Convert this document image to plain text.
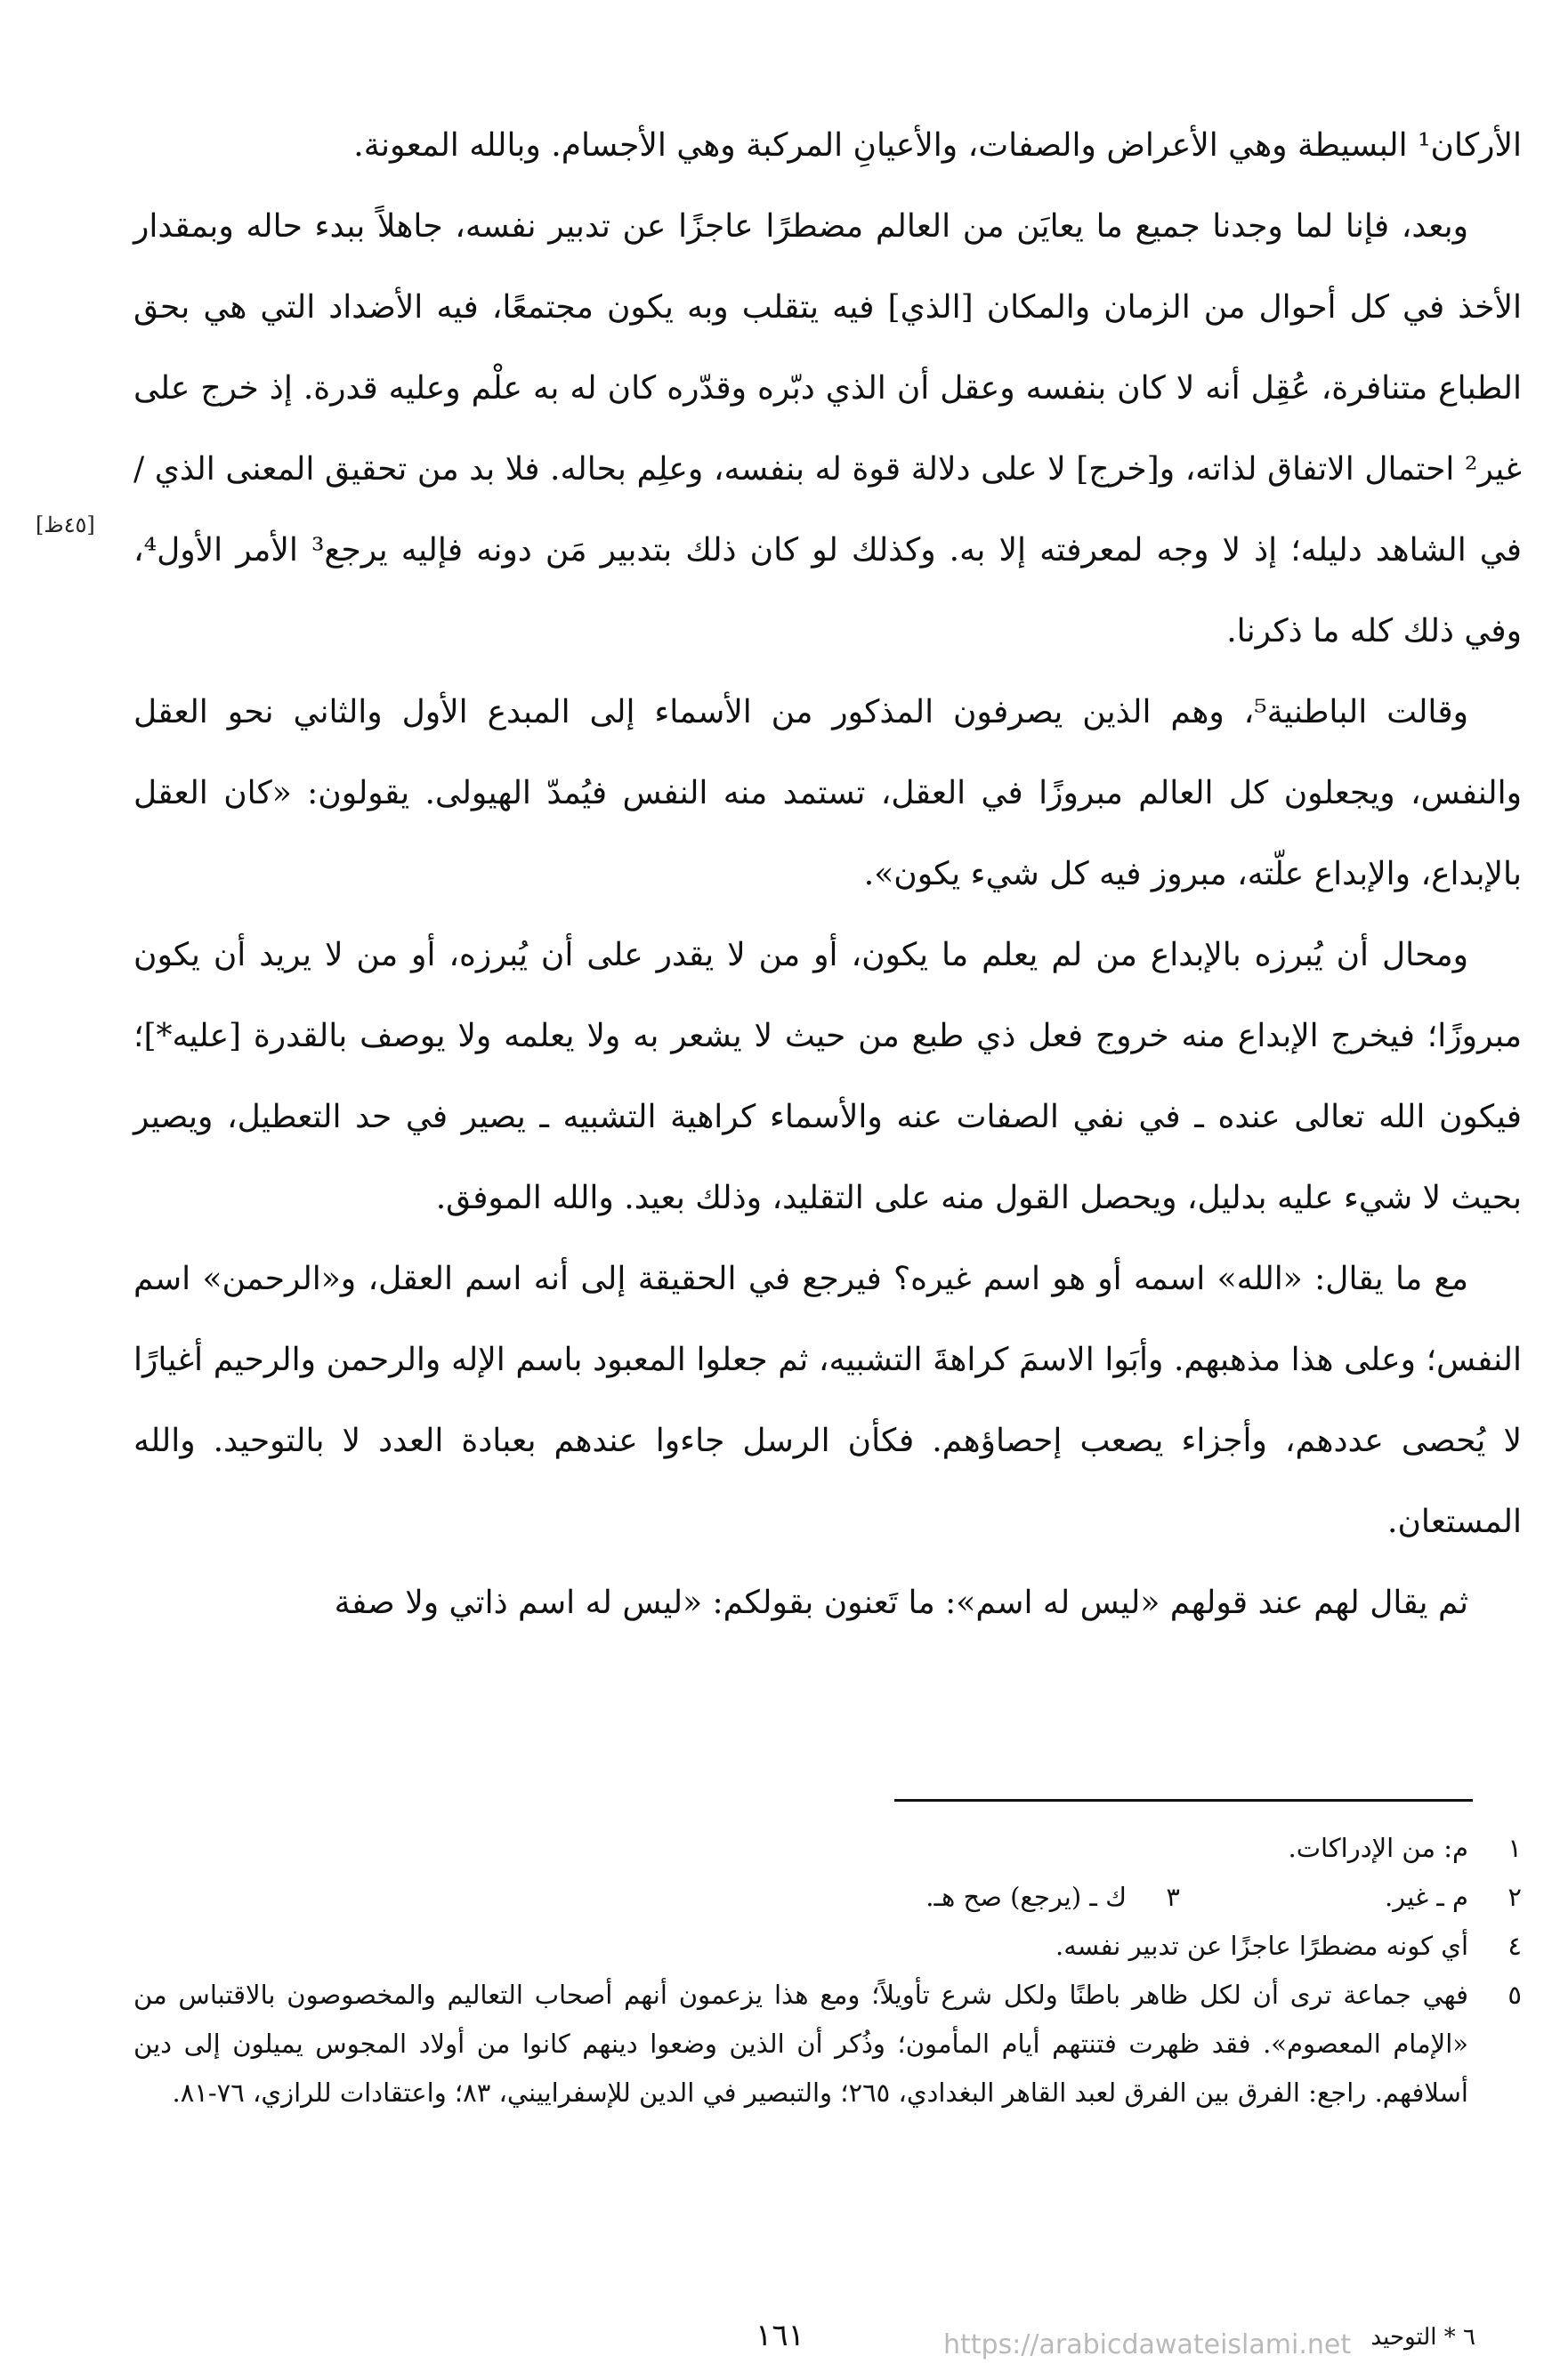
الأركان¹ البسيطة وهي الأعراض والصفات، والأعيانِ المركبة وهي الأجسام. وبالله المعونة.

وبعد، فإنا لما وجدنا جميع ما يعايَن من العالم مضطرًا عاجزًا عن تدبير نفسه، جاهلاً ببدء حاله وبمقدار الأخذ في كل أحوال من الزمان والمكان [الذي] فيه يتقلب وبه يكون مجتمعًا، فيه الأضداد التي هي بحق الطباع متنافرة، عُقِل أنه لا كان بنفسه وعقل أن الذي دبّره وقدّره كان له به علْم وعليه قدرة. إذ خرج على غير² احتمال الاتفاق لذاته، و[خرج] لا على دلالة قوة له بنفسه، وعلِم بحاله. فلا بد من تحقيق المعنى الذي / في الشاهد دليله؛ إذ لا وجه لمعرفته إلا به. وكذلك لو كان ذلك بتدبير مَن دونه فإليه يرجع³ الأمر الأول⁴، وفي ذلك كله ما ذكرنا.

وقالت الباطنية⁵، وهم الذين يصرفون المذكور من الأسماء إلى المبدع الأول والثاني نحو العقل والنفس، ويجعلون كل العالم مبروزًا في العقل، تستمد منه النفس فيُمدّ الهيولى. يقولون: «كان العقل بالإبداع، والإبداع علّته، مبروز فيه كل شيء يكون».

ومحال أن يُبرزه بالإبداع من لم يعلم ما يكون، أو من لا يقدر على أن يُبرزه، أو من لا يريد أن يكون مبروزًا؛ فيخرج الإبداع منه خروج فعل ذي طبع من حيث لا يشعر به ولا يعلمه ولا يوصف بالقدرة [عليه*]؛ فيكون الله تعالى عنده ـ في نفي الصفات عنه والأسماء كراهية التشبيه ـ يصير في حد التعطيل، ويصير بحيث لا شيء عليه بدليل، ويحصل القول منه على التقليد، وذلك بعيد. والله الموفق.

مع ما يقال: «الله» اسمه أو هو اسم غيره؟ فيرجع في الحقيقة إلى أنه اسم العقل، و«الرحمن» اسم النفس؛ وعلى هذا مذهبهم. وأبَوا الاسمَ كراهةَ التشبيه، ثم جعلوا المعبود باسم الإله والرحمن والرحيم أغيارًا لا يُحصى عددهم، وأجزاء يصعب إحصاؤهم. فكأن الرسل جاءوا عندهم بعبادة العدد لا بالتوحيد. والله المستعان.

ثم يقال لهم عند قولهم «ليس له اسم»: ما تَعنون بقولكم: «ليس له اسم ذاتي ولا صفة

[٤٥ظ]
١
م: من الإدراكات.
٢
م ـ غير.
٣
ك ـ (يرجع) صح هـ.
٤
أي كونه مضطرًا عاجزًا عن تدبير نفسه.
٥
فهي جماعة ترى أن لكل ظاهر باطنًا ولكل شرع تأويلاً؛ ومع هذا يزعمون أنهم أصحاب التعاليم والمخصوصون بالاقتباس من «الإمام المعصوم». فقد ظهرت فتنتهم أيام المأمون؛ وذُكر أن الذين وضعوا دينهم كانوا من أولاد المجوس يميلون إلى دين أسلافهم. راجع: الفرق بين الفرق لعبد القاهر البغدادي، ٢٦٥؛ والتبصير في الدين للإسفراييني، ٨٣؛ واعتقادات للرازي، ٧٦-٨١.
١٦١	٦ * التوحيد
https://arabicdawateislami.net
